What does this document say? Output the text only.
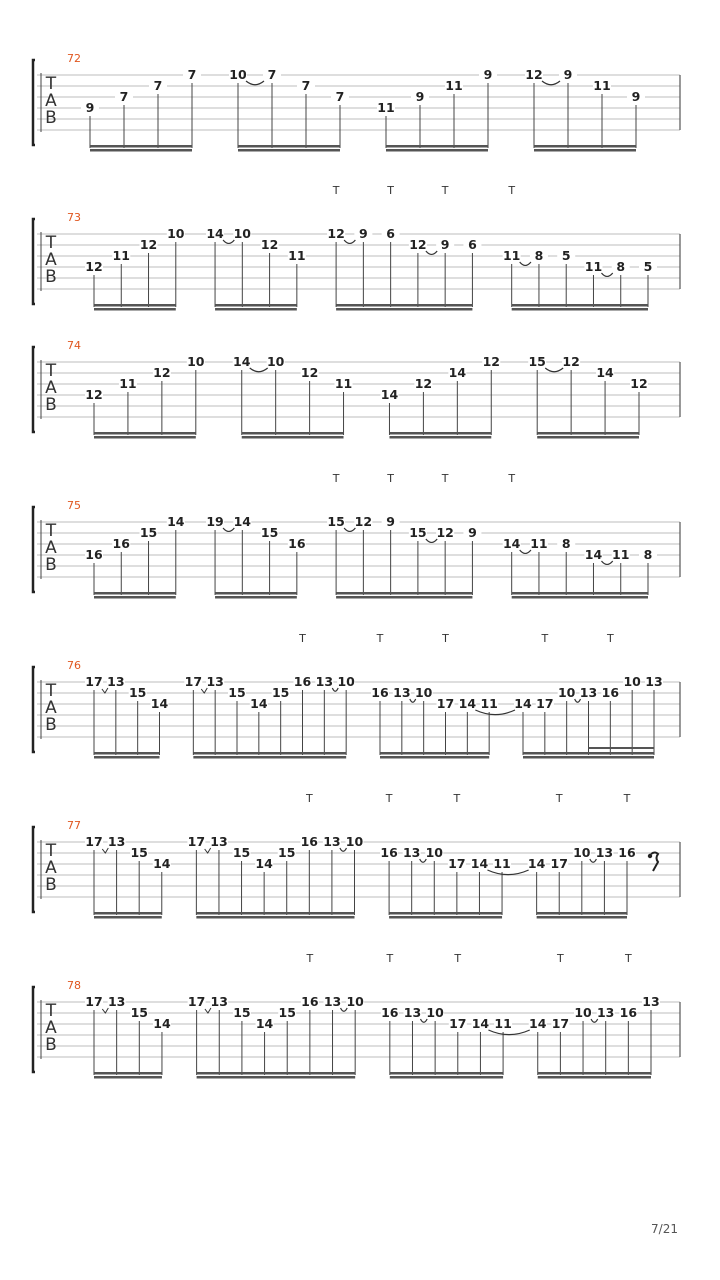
T
A
B
72
9
7
7
7	10 7
7
7
11
9
11
9	12 9
11
9
T
A
B
73
12
11
12
10 14 10
12
11
12 9 6
12 9 6
11 8 5
11 8 5
T	T	T	T
T
A
B
74
12
11
12
10 14 10
12
11
14
12
14
12 15 12
14
12
T
A
B
75
16
16
15
14 19 14
15
16
15 12 9
15 12 9
14 11 8
14 11 8
T	T	T	T
T
A
B
76
17 13
15
14
17 13
15
14
15
16 13 10
16 13 10
17 14 11 14 17
10 13 16
10 13
T	T	T	T	T
T
A
B
77
17 13
15
14
17 13
15
14
15
16 13 10
16 13 10
17 14 11 14 17
10 13 16
T	T	T	T	T
T
A
B
78
17 13
15
14
17 13
15
14
15
16 13 10
16 13 10
17 14 11 14 17
10 13 16
13
T	T	T	T	T
7/21
